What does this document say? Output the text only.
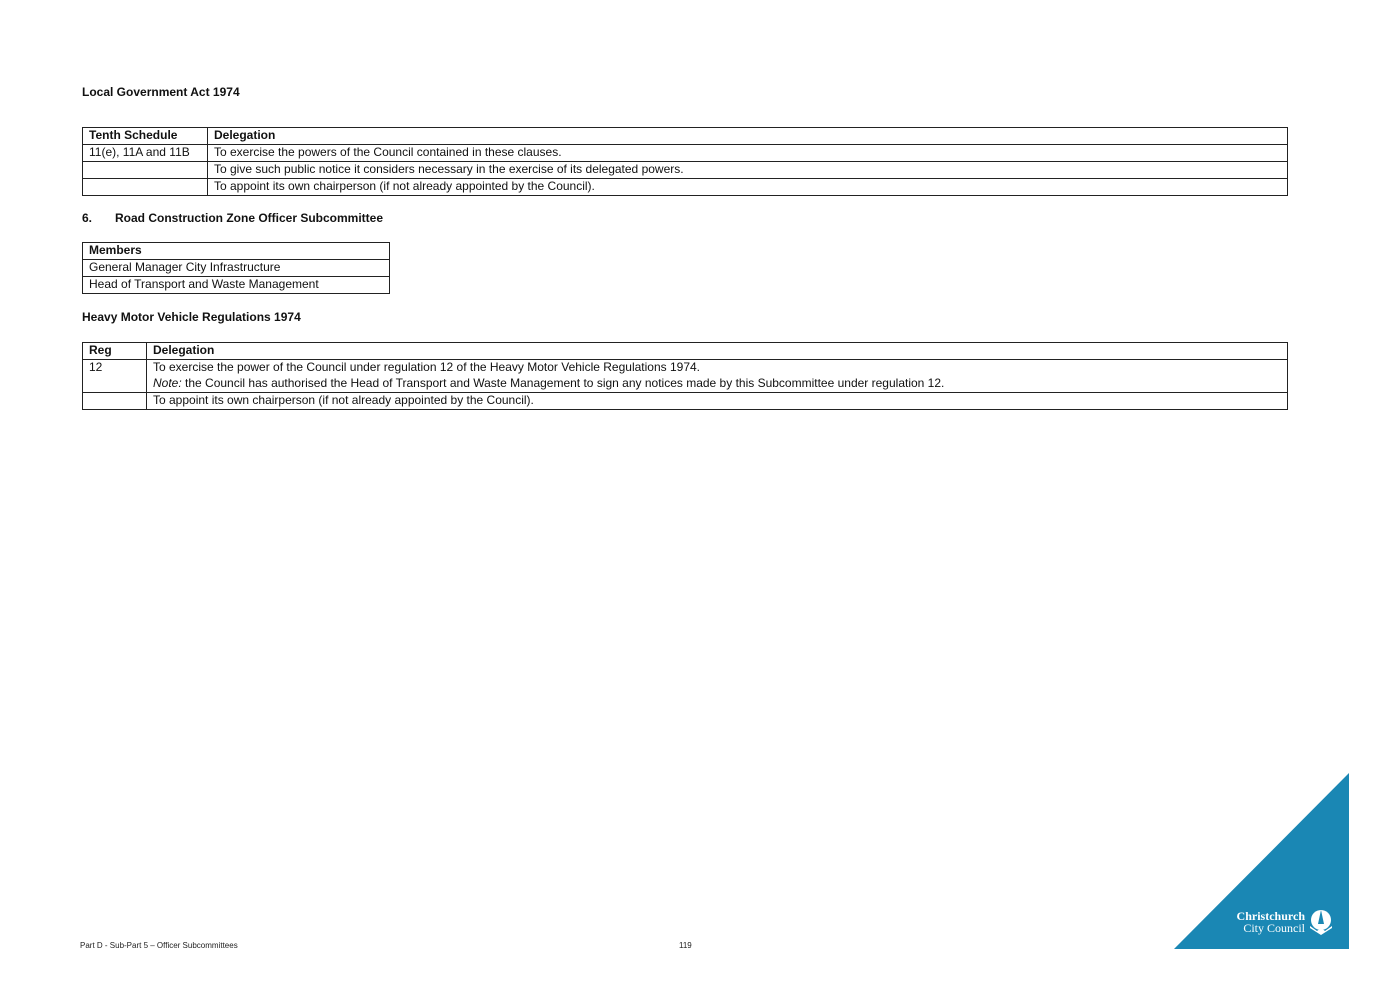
Local Government Act 1974
Tenth Schedule	Delegation
11(e), 11A and 11B	To exercise the powers of the Council contained in these clauses.
	To give such public notice it considers necessary in the exercise of its delegated powers.
	To appoint its own chairperson (if not already appointed by the Council).
6. Road Construction Zone Officer Subcommittee
Members
General Manager City Infrastructure
Head of Transport and Waste Management
Heavy Motor Vehicle Regulations 1974
Reg	Delegation
12	To exercise the power of the Council under regulation 12 of the Heavy Motor Vehicle Regulations 1974.
	Note: the Council has authorised the Head of Transport and Waste Management to sign any notices made by this Subcommittee under regulation 12.
	To appoint its own chairperson (if not already appointed by the Council).
Part D - Sub-Part 5 – Officer Subcommittees	119
Christchurch
City Council
